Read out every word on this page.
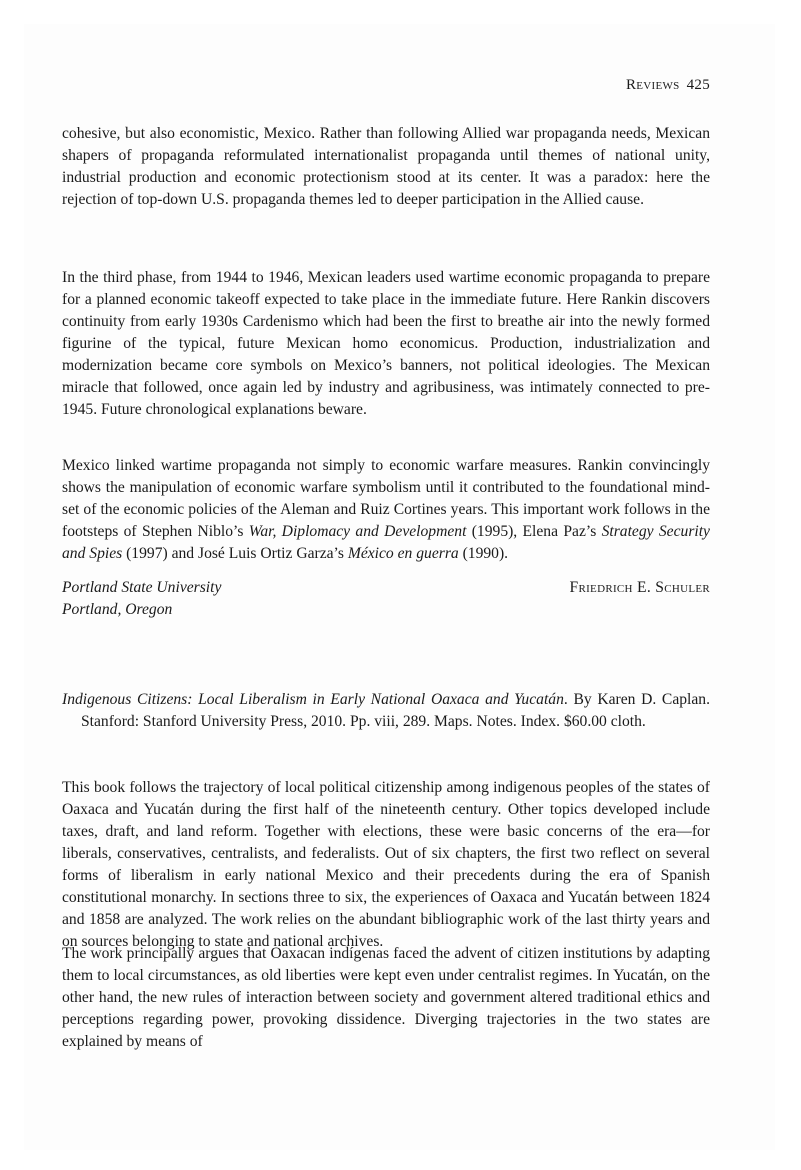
Reviews 425

cohesive, but also economistic, Mexico. Rather than following Allied war propaganda needs, Mexican shapers of propaganda reformulated internationalist propaganda until themes of national unity, industrial production and economic protectionism stood at its center. It was a paradox: here the rejection of top-down U.S. propaganda themes led to deeper participation in the Allied cause.

In the third phase, from 1944 to 1946, Mexican leaders used wartime economic propaganda to prepare for a planned economic takeoff expected to take place in the immediate future. Here Rankin discovers continuity from early 1930s Cardenismo which had been the first to breathe air into the newly formed figurine of the typical, future Mexican homo economicus. Production, industrialization and modernization became core symbols on Mexico’s banners, not political ideologies. The Mexican miracle that followed, once again led by industry and agribusiness, was intimately connected to pre-1945. Future chronological explanations beware.

Mexico linked wartime propaganda not simply to economic warfare measures. Rankin convincingly shows the manipulation of economic warfare symbolism until it contributed to the foundational mind-set of the economic policies of the Aleman and Ruiz Cortines years. This important work follows in the footsteps of Stephen Niblo’s War, Diplomacy and Development (1995), Elena Paz’s Strategy Security and Spies (1997) and José Luis Ortiz Garza’s México en guerra (1990).

Portland State University
Portland, Oregon
Friedrich E. Schuler

Indigenous Citizens: Local Liberalism in Early National Oaxaca and Yucatán. By Karen D. Caplan. Stanford: Stanford University Press, 2010. Pp. viii, 289. Maps. Notes. Index. $60.00 cloth.

This book follows the trajectory of local political citizenship among indigenous peoples of the states of Oaxaca and Yucatán during the first half of the nineteenth century. Other topics developed include taxes, draft, and land reform. Together with elections, these were basic concerns of the era—for liberals, conservatives, centralists, and federalists. Out of six chapters, the first two reflect on several forms of liberalism in early national Mexico and their precedents during the era of Spanish constitutional monarchy. In sections three to six, the experiences of Oaxaca and Yucatán between 1824 and 1858 are analyzed. The work relies on the abundant bibliographic work of the last thirty years and on sources belonging to state and national archives.

The work principally argues that Oaxacan indígenas faced the advent of citizen institutions by adapting them to local circumstances, as old liberties were kept even under centralist regimes. In Yucatán, on the other hand, the new rules of interaction between society and government altered traditional ethics and perceptions regarding power, provoking dissidence. Diverging trajectories in the two states are explained by means of
